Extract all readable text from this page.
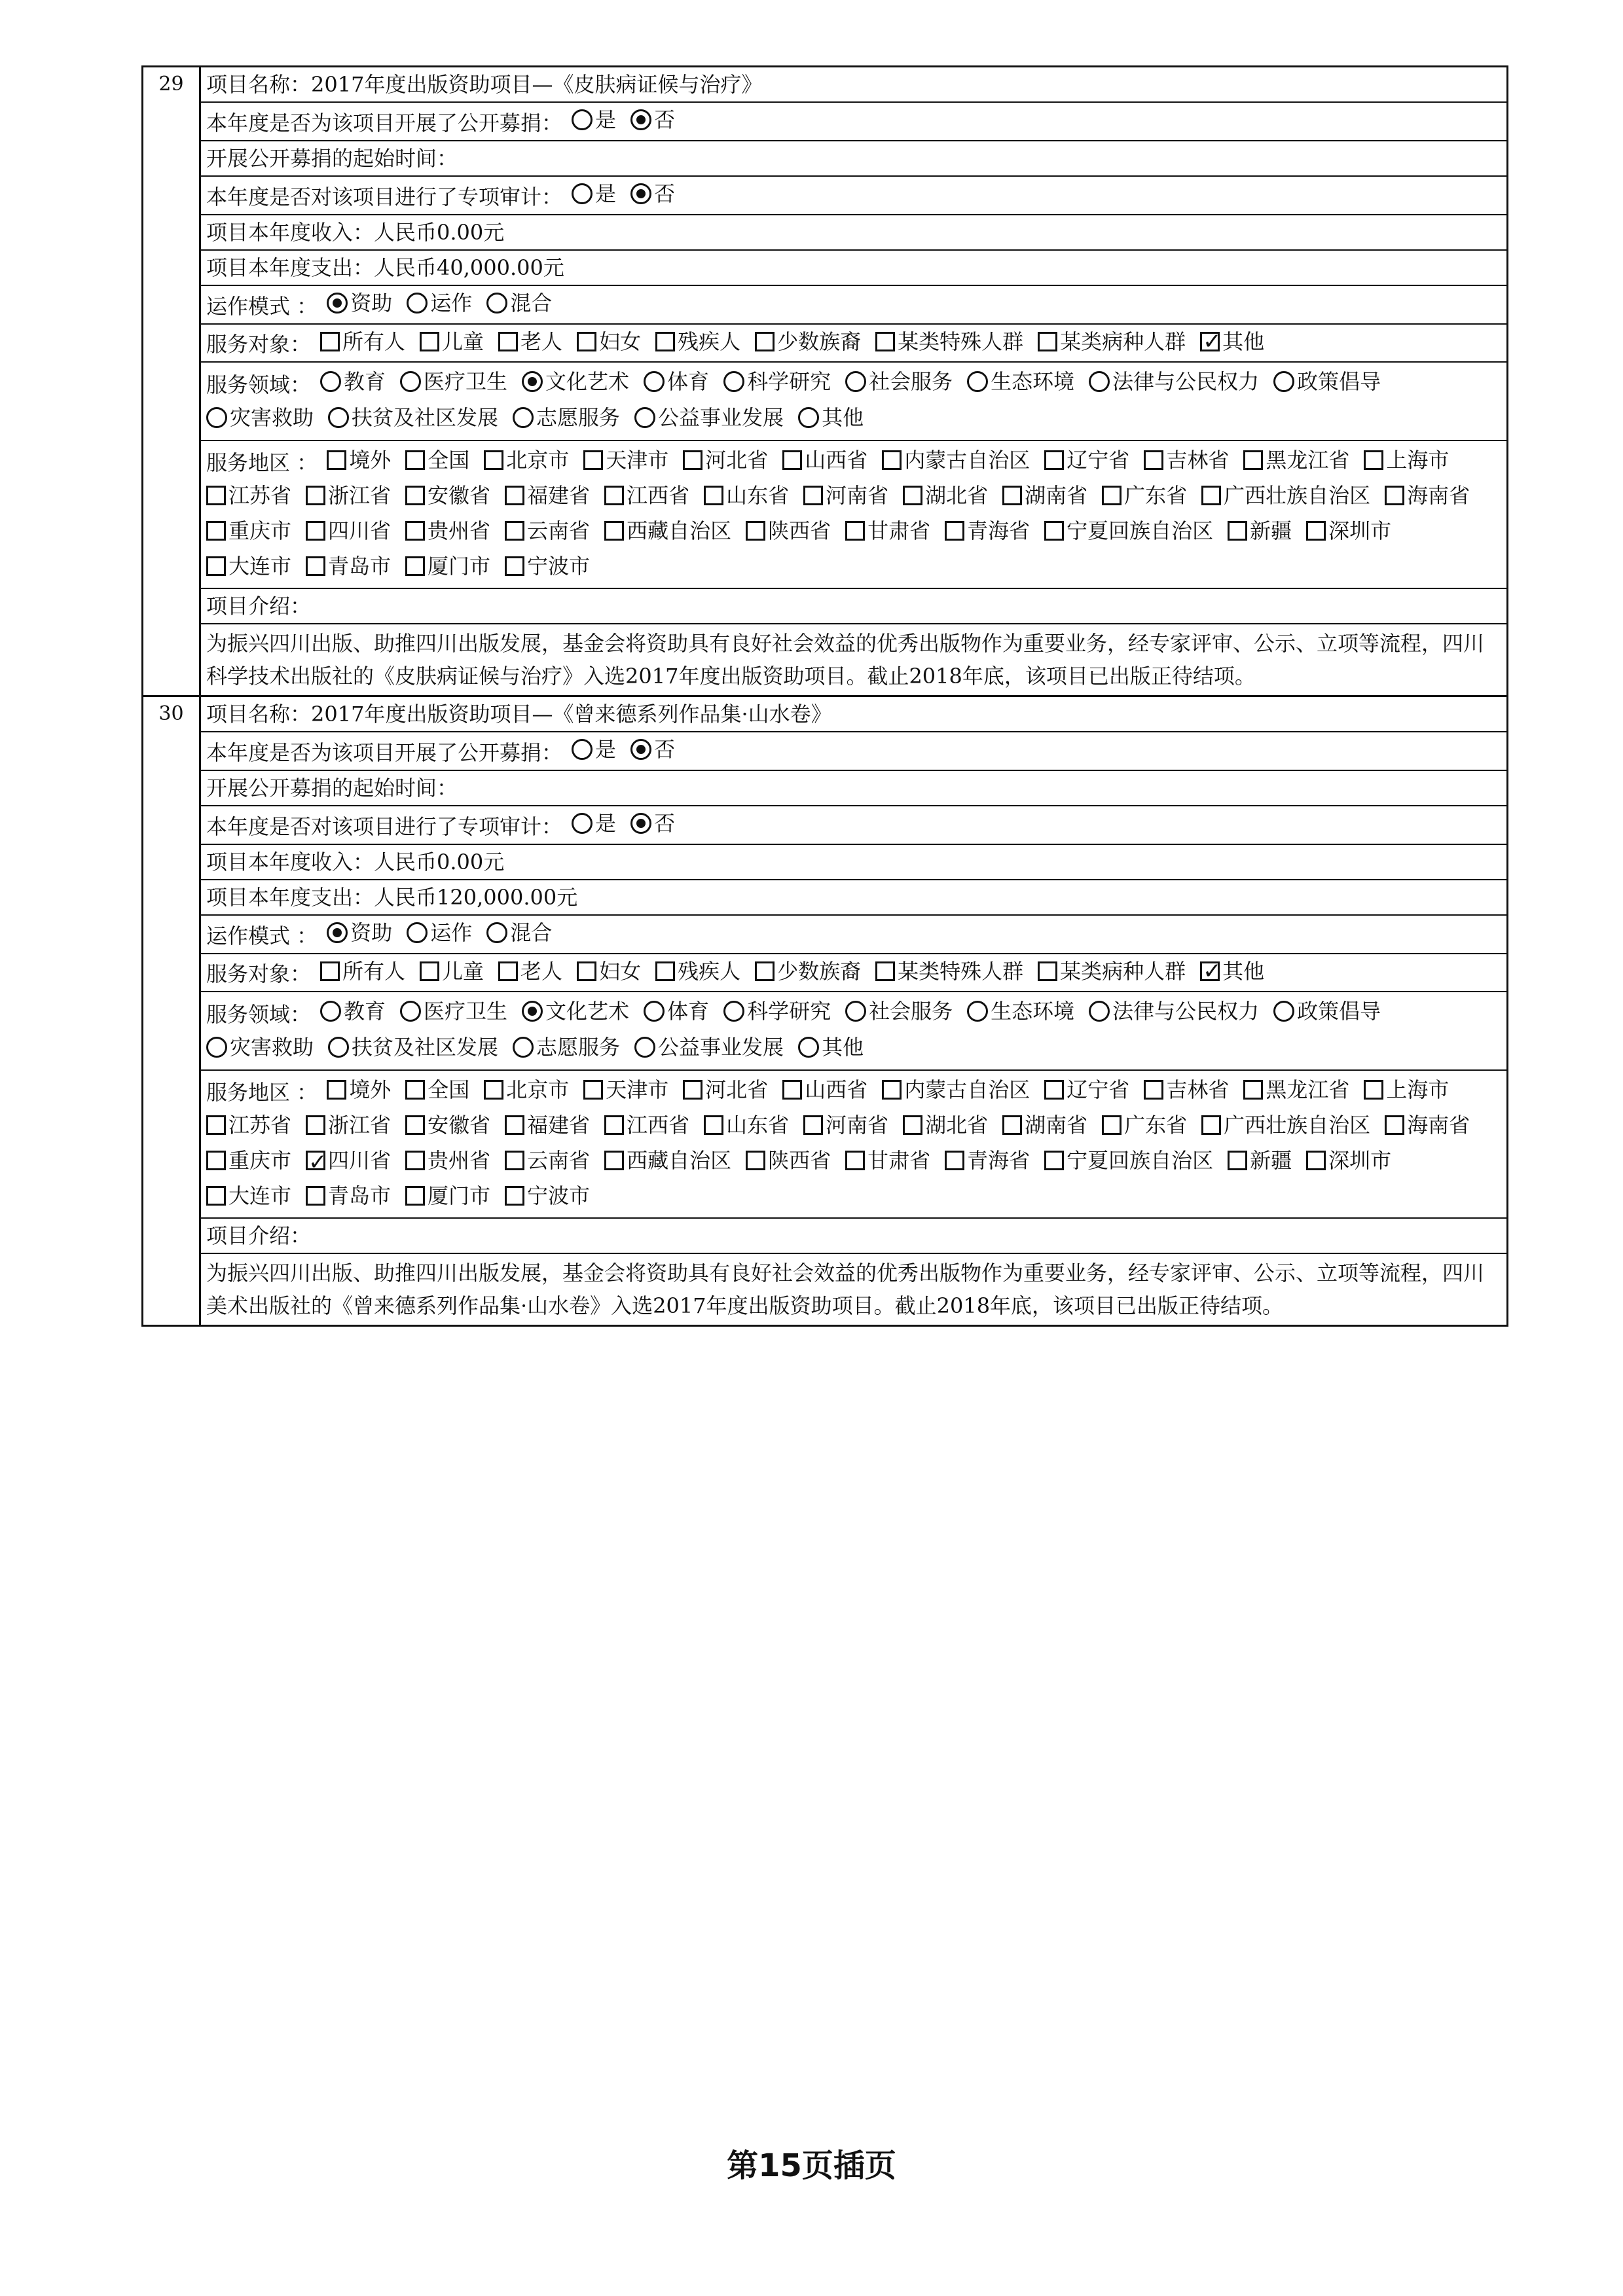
29	项目名称：2017年度出版资助项目—《皮肤病证候与治疗》
本年度是否为该项目开展了公开募捐： 是 否
开展公开募捐的起始时间：
本年度是否对该项目进行了专项审计： 是 否
项目本年度收入：人民币0.00元
项目本年度支出：人民币40,000.00元
运作模式 ： 资助 运作 混合
服务对象： 所有人 儿童 老人 妇女 残疾人 少数族裔 某类特殊人群 某类病种人群 ✓ 其他
服务领域： 教育 医疗卫生 文化艺术 体育 科学研究 社会服务 生态环境 法律与公民权力 政策倡导
灾害救助 扶贫及社区发展 志愿服务 公益事业发展 其他
服务地区 ： 境外 全国 北京市 天津市 河北省 山西省 内蒙古自治区 辽宁省 吉林省 黑龙江省 上海市
江苏省 浙江省 安徽省 福建省 江西省 山东省 河南省 湖北省 湖南省 广东省 广西壮族自治区 海南省
重庆市 四川省 贵州省 云南省 西藏自治区 陕西省 甘肃省 青海省 宁夏回族自治区 新疆 深圳市
大连市 青岛市 厦门市 宁波市
项目介绍：
为振兴四川出版、助推四川出版发展，基金会将资助具有良好社会效益的优秀出版物作为重要业务，经专家评审、公示、立项等流程，四川科学技术出版社的《皮肤病证候与治疗》入选2017年度出版资助项目。截止2018年底，该项目已出版正待结项。
30	项目名称：2017年度出版资助项目—《曾来德系列作品集·山水卷》
本年度是否为该项目开展了公开募捐： 是 否
开展公开募捐的起始时间：
本年度是否对该项目进行了专项审计： 是 否
项目本年度收入：人民币0.00元
项目本年度支出：人民币120,000.00元
运作模式 ： 资助 运作 混合
服务对象： 所有人 儿童 老人 妇女 残疾人 少数族裔 某类特殊人群 某类病种人群 ✓ 其他
服务领域： 教育 医疗卫生 文化艺术 体育 科学研究 社会服务 生态环境 法律与公民权力 政策倡导
灾害救助 扶贫及社区发展 志愿服务 公益事业发展 其他
服务地区 ： 境外 全国 北京市 天津市 河北省 山西省 内蒙古自治区 辽宁省 吉林省 黑龙江省 上海市
江苏省 浙江省 安徽省 福建省 江西省 山东省 河南省 湖北省 湖南省 广东省 广西壮族自治区 海南省
重庆市 ✓ 四川省 贵州省 云南省 西藏自治区 陕西省 甘肃省 青海省 宁夏回族自治区 新疆 深圳市
大连市 青岛市 厦门市 宁波市
项目介绍：
为振兴四川出版、助推四川出版发展，基金会将资助具有良好社会效益的优秀出版物作为重要业务，经专家评审、公示、立项等流程，四川美术出版社的《曾来德系列作品集·山水卷》入选2017年度出版资助项目。截止2018年底，该项目已出版正待结项。
第15页插页
